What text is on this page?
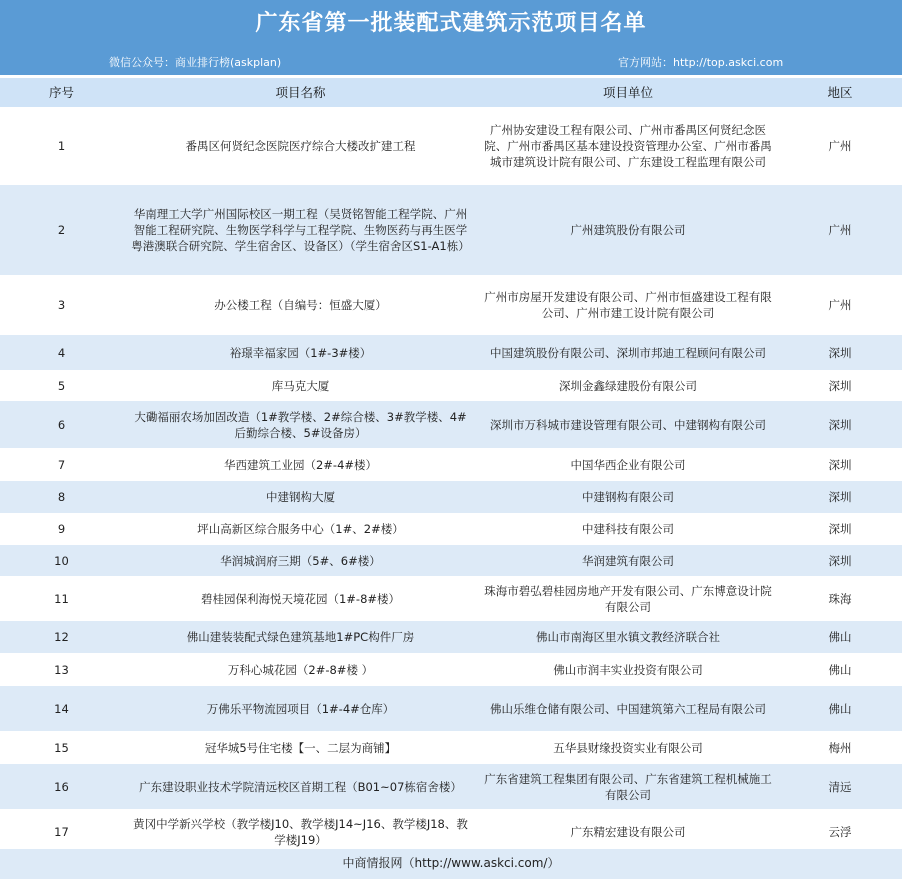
广东省第一批装配式建筑示范项目名单
微信公众号：商业排行榜(askplan)	官方网站：http://top.askci.com
序号	项目名称	项目单位	地区
1	番禺区何贤纪念医院医疗综合大楼改扩建工程	广州协安建设工程有限公司、广州市番禺区何贤纪念医院、广州市番禺区基本建设投资管理办公室、广州市番禺城市建筑设计院有限公司、广东建设工程监理有限公司	广州
2	华南理工大学广州国际校区一期工程（吴贤铭智能工程学院、广州智能工程研究院、生物医学科学与工程学院、生物医药与再生医学粤港澳联合研究院、学生宿舍区、设备区）（学生宿舍区S1-A1栋）	广州建筑股份有限公司	广州
3	办公楼工程（自编号：恒盛大厦）	广州市房屋开发建设有限公司、广州市恒盛建设工程有限公司、广州市建工设计院有限公司	广州
4	裕璟幸福家园（1#-3#楼）	中国建筑股份有限公司、深圳市邦迪工程顾问有限公司	深圳
5	库马克大厦	深圳金鑫绿建股份有限公司	深圳
6	大磡福丽农场加固改造（1#教学楼、2#综合楼、3#教学楼、4#后勤综合楼、5#设备房）	深圳市万科城市建设管理有限公司、中建钢构有限公司	深圳
7	华西建筑工业园（2#-4#楼）	中国华西企业有限公司	深圳
8	中建钢构大厦	中建钢构有限公司	深圳
9	坪山高新区综合服务中心（1#、2#楼）	中建科技有限公司	深圳
10	华润城润府三期（5#、6#楼）	华润建筑有限公司	深圳
11	碧桂园保利海悦天境花园（1#-8#楼）	珠海市碧弘碧桂园房地产开发有限公司、广东博意设计院有限公司	珠海
12	佛山建装装配式绿色建筑基地1#PC构件厂房	佛山市南海区里水镇文教经济联合社	佛山
13	万科心城花园（2#-8#楼 ）	佛山市润丰实业投资有限公司	佛山
14	万佛乐平物流园项目（1#-4#仓库）	佛山乐维仓储有限公司、中国建筑第六工程局有限公司	佛山
15	冠华城5号住宅楼【一、二层为商铺】	五华县财缘投资实业有限公司	梅州
16	广东建设职业技术学院清远校区首期工程（B01~07栋宿舍楼）	广东省建筑工程集团有限公司、广东省建筑工程机械施工有限公司	清远
17	黄冈中学新兴学校（教学楼J10、教学楼J14~J16、教学楼J18、教学楼J19）	广东精宏建设有限公司	云浮
中商情报网（http://www.askci.com/）
